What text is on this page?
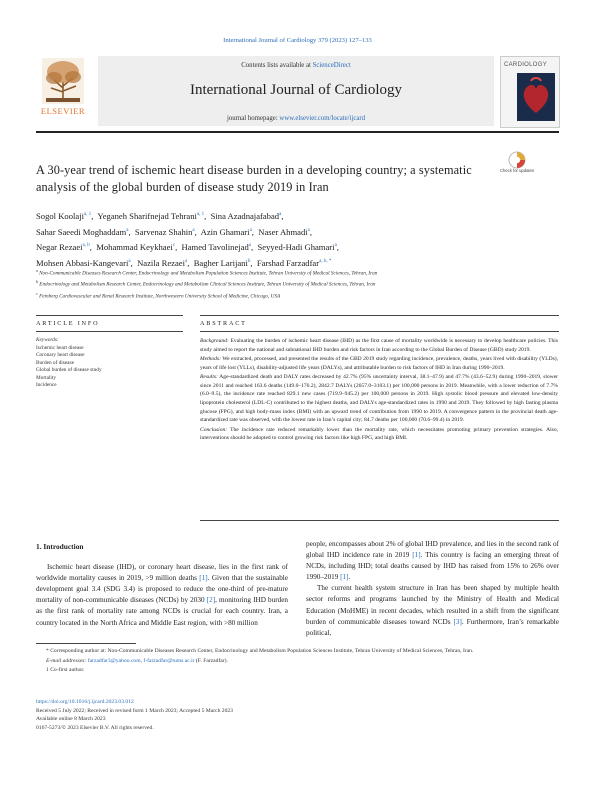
International Journal of Cardiology 379 (2023) 127–133
ELSEVIER
Contents lists available at ScienceDirect
International Journal of Cardiology
journal homepage: www.elsevier.com/locate/ijcard
CARDIOLOGY
A 30-year trend of ischemic heart disease burden in a developing country; a systematic analysis of the global burden of disease study 2019 in Iran
Check for updates
Sogol Koolaji$^{a, 1}$,  Yeganeh Sharifnejad Tehrani$^{a, 1}$,  Sina Azadnajafabad$^a$,
Sahar Saeedi Moghaddam$^a$,  Sarvenaz Shahin$^a$,  Azin Ghamari$^a$,  Naser Ahmadi$^a$,
Negar Rezaei$^{a, b}$,  Mohammad Keykhaei$^c$,  Hamed Tavolinejad$^a$,  Seyyed-Hadi Ghamari$^a$,
Mohsen Abbasi-Kangevari$^a$,  Nazila Rezaei$^a$,  Bagher Larijani$^b$,  Farshad Farzadfar$^{a, b, *}$
$^a$ Non-Communicable Diseases Research Center, Endocrinology and Metabolism Population Sciences Institute, Tehran University of Medical Sciences, Tehran, Iran
$^b$ Endocrinology and Metabolism Research Center, Endocrinology and Metabolism Clinical Sciences Institute, Tehran University of Medical Sciences, Tehran, Iran
$^c$ Feinberg Cardiovascular and Renal Research Institute, Northwestern University School of Medicine, Chicago, USA
ARTICLE INFO	ABSTRACT
Keywords:
Ischemic heart disease
Coronary heart disease
Burden of disease
Global burden of disease study
Mortality
Incidence

Background: Evaluating the burden of ischemic heart disease (IHD) as the first cause of mortality worldwide is necessary to develop healthcare policies. This study aimed to report the national and subnational IHD burden and risk factors in Iran according to the Global Burden of Disease (GBD) study 2019.

Methods: We extracted, processed, and presented the results of the GBD 2019 study regarding incidence, prevalence, deaths, years lived with disability (YLDs), years of life lost (YLLs), disability-adjusted life years (DALYs), and attributable burden to risk factors of IHD in Iran during 1990–2019.

Results: Age-standardized death and DALY rates decreased by 42.7% (95% uncertainty interval, 38.1–47.9) and 47.7% (43.6–52.9) during 1990–2019, slower since 2011 and reached 163.6 deaths (149.0–176.2), 2842.7 DALYs (2657.0–3103.1) per 100,000 persons in 2019. Meanwhile, with a lower reduction of 7.7% (6.0–9.5), the incidence rate reached 829.1 new cases (719.9–945.2) per 100,000 persons in 2019. High systolic blood pressure and elevated low-density lipoprotein cholesterol (LDL-C) contributed to the highest deaths, and DALYs age-standardized rates in 1990 and 2019. They followed by high fasting plasma glucose (FPG), and high body-mass index (BMI) with an upward trend of contribution from 1990 to 2019. A convergence pattern in the provincial death age-standardized rate was observed, with the lowest rate in Iran’s capital city; 84.7 deaths per 100,000 (70.6–99.4) in 2019.

Conclusion: The incidence rate reduced remarkably lower than the mortality rate, which necessitates promoting primary prevention strategies. Also, interventions should be adopted to control growing risk factors like high FPG, and high BMI.

1. Introduction

Ischemic heart disease (IHD), or coronary heart disease, lies in the first rank of worldwide mortality causes in 2019, >9 million deaths [1]. Given that the sustainable development goal 3.4 (SDG 3.4) is proposed to reduce the one-third of pre-mature mortality of non-communicable diseases (NCDs) by 2030 [2], monitoring IHD burden as the first rank of mortality rate among NCDs is crucial for each country. Iran, a country located in the North Africa and Middle East region, with >80 million

people, encompasses about 2% of global IHD prevalence, and lies in the second rank of global IHD incidence rate in 2019 [1]. This country is facing an emerging threat of NCDs, including IHD; total deaths caused by IHD has raised from 15% to 26% over 1990–2019 [1].

The current health system structure in Iran has been shaped by multiple health sector reforms and programs launched by the Ministry of Health and Medical Education (MoHME) in recent decades, which resulted in a shift from the significant burden of communicable diseases toward NCDs [3]. Furthermore, Iran’s remarkable political,

* Corresponding author at: Non-Communicable Diseases Research Center, Endocrinology and Metabolism Population Sciences Institute, Tehran University of Medical Sciences, Tehran, Iran.

E-mail addresses: farzadfar3@yahoo.com, f-farzadfar@tums.ac.ir (F. Farzadfar).

1 Co-first author.

https://doi.org/10.1016/j.ijcard.2023.03.012
Received 5 July 2022; Received in revised form 1 March 2023; Accepted 5 March 2023
Available online 8 March 2023
0167-5273/© 2023 Elsevier B.V. All rights reserved.
